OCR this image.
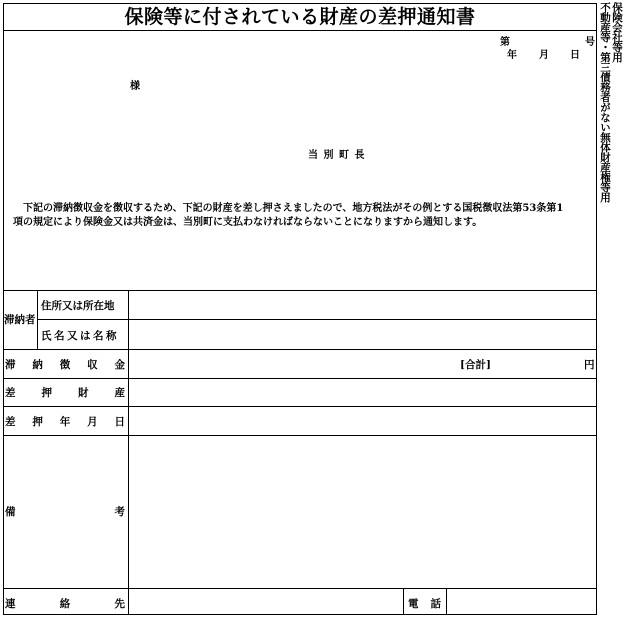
保険等に付されている財産の差押通知書
第	号
年 月 日
様
当 別 町 長
下記の滞納徴収金を徴収するため、下記の財産を差し押さえましたので、地方税法がその例とする国税徴収法第53条第1項の規定により保険金又は共済金は、当別町に支払わなければならないことになりますから通知します。
滞納者
住所又は所在地
氏名又は名称
滞 納 徴 収 金	[合計]	円
差 押 財 産
差 押 年 月 日
備	考
連	絡	先	電 話
保険会社等用
不動産等・第三債務者がない無体財産権等用
